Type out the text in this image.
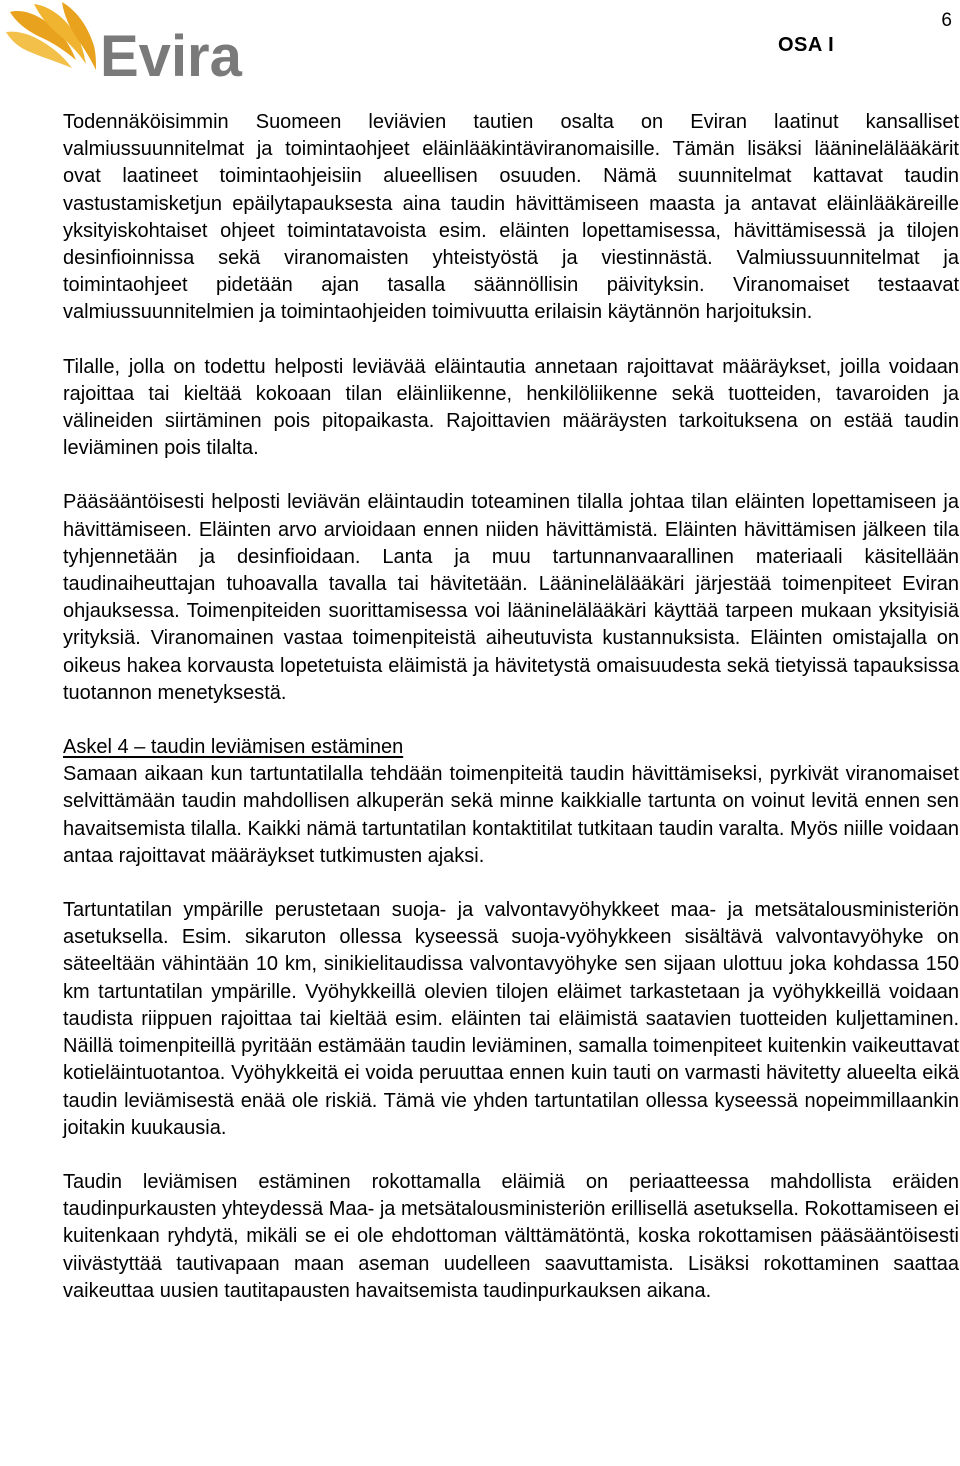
Evira	OSA I
6

Todennäköisimmin Suomeen leviävien tautien osalta on Eviran laatinut kansalliset valmiussuunnitelmat ja toimintaohjeet eläinlääkintäviranomaisille. Tämän lisäksi lääninelälääkärit ovat laatineet toimintaohjeisiin alueellisen osuuden. Nämä suunnitelmat kattavat taudin vastustamisketjun epäilytapauksesta aina taudin hävittämiseen maasta ja antavat eläinlääkäreille yksityiskohtaiset ohjeet toimintatavoista esim. eläinten lopettamisessa, hävittämisessä ja tilojen desinfioinnissa sekä viranomaisten yhteistyöstä ja viestinnästä. Valmiussuunnitelmat ja toimintaohjeet pidetään ajan tasalla säännöllisin päivityksin. Viranomaiset testaavat valmiussuunnitelmien ja toimintaohjeiden toimivuutta erilaisin käytännön harjoituksin.

Tilalle, jolla on todettu helposti leviävää eläintautia annetaan rajoittavat määräykset, joilla voidaan rajoittaa tai kieltää kokoaan tilan eläinliikenne, henkilöliikenne sekä tuotteiden, tavaroiden ja välineiden siirtäminen pois pitopaikasta. Rajoittavien määräysten tarkoituksena on estää taudin leviäminen pois tilalta.

Pääsääntöisesti helposti leviävän eläintaudin toteaminen tilalla johtaa tilan eläinten lopettamiseen ja hävittämiseen. Eläinten arvo arvioidaan ennen niiden hävittämistä. Eläinten hävittämisen jälkeen tila tyhjennetään ja desinfioidaan. Lanta ja muu tartunnanvaarallinen materiaali käsitellään taudinaiheuttajan tuhoavalla tavalla tai hävitetään. Lääninelälääkäri järjestää toimenpiteet Eviran ohjauksessa. Toimenpiteiden suorittamisessa voi lääninelälääkäri käyttää tarpeen mukaan yksityisiä yrityksiä. Viranomainen vastaa toimenpiteistä aiheutuvista kustannuksista. Eläinten omistajalla on oikeus hakea korvausta lopetetuista eläimistä ja hävitetystä omaisuudesta sekä tietyissä tapauksissa tuotannon menetyksestä.

Askel 4 – taudin leviämisen estäminen
Samaan aikaan kun tartuntatilalla tehdään toimenpiteitä taudin hävittämiseksi, pyrkivät viranomaiset selvittämään taudin mahdollisen alkuperän sekä minne kaikkialle tartunta on voinut levitä ennen sen havaitsemista tilalla. Kaikki nämä tartuntatilan kontaktitilat tutkitaan taudin varalta. Myös niille voidaan antaa rajoittavat määräykset tutkimusten ajaksi.

Tartuntatilan ympärille perustetaan suoja- ja valvontavyöhykkeet maa- ja metsätalousministeriön asetuksella. Esim. sikaruton ollessa kyseessä suoja-vyöhykkeen sisältävä valvontavyöhyke on säteeltään vähintään 10 km, sinikielitaudissa valvontavyöhyke sen sijaan ulottuu joka kohdassa 150 km tartuntatilan ympärille. Vyöhykkeillä olevien tilojen eläimet tarkastetaan ja vyöhykkeillä voidaan taudista riippuen rajoittaa tai kieltää esim. eläinten tai eläimistä saatavien tuotteiden kuljettaminen. Näillä toimenpiteillä pyritään estämään taudin leviäminen, samalla toimenpiteet kuitenkin vaikeuttavat kotieläintuotantoa. Vyöhykkeitä ei voida peruuttaa ennen kuin tauti on varmasti hävitetty alueelta eikä taudin leviämisestä enää ole riskiä. Tämä vie yhden tartuntatilan ollessa kyseessä nopeimmillaankin joitakin kuukausia.

Taudin leviämisen estäminen rokottamalla eläimiä on periaatteessa mahdollista eräiden taudinpurkausten yhteydessä Maa- ja metsätalousministeriön erillisellä asetuksella. Rokottamiseen ei kuitenkaan ryhdytä, mikäli se ei ole ehdottoman välttämätöntä, koska rokottamisen pääsääntöisesti viivästyttää tautivapaan maan aseman uudelleen saavuttamista. Lisäksi rokottaminen saattaa vaikeuttaa uusien tautitapausten havaitsemista taudinpurkauksen aikana.
